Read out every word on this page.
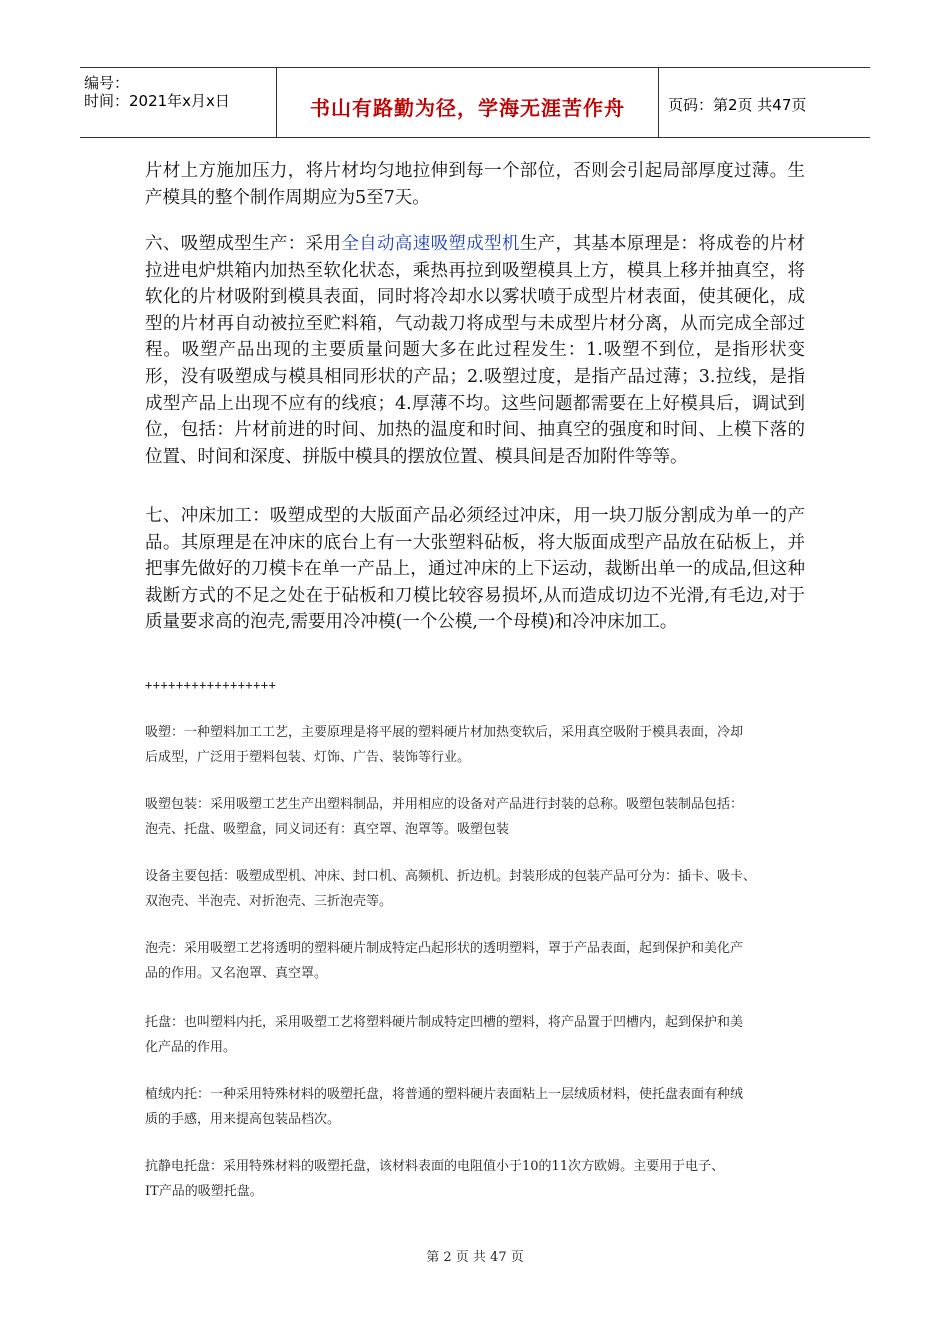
编号：
时间：2021年x月x日	书山有路勤为径，学海无涯苦作舟	页码：第2页 共47页
片材上方施加压力，将片材均匀地拉伸到每一个部位，否则会引起局部厚度过薄。生产模具的整个制作周期应为5至7天。
六、吸塑成型生产：采用全自动高速吸塑成型机生产，其基本原理是：将成卷的片材拉进电炉烘箱内加热至软化状态，乘热再拉到吸塑模具上方，模具上移并抽真空，将软化的片材吸附到模具表面，同时将冷却水以雾状喷于成型片材表面，使其硬化，成型的片材再自动被拉至贮料箱，气动裁刀将成型与未成型片材分离，从而完成全部过程。吸塑产品出现的主要质量问题大多在此过程发生：1.吸塑不到位，是指形状变形，没有吸塑成与模具相同形状的产品；2.吸塑过度，是指产品过薄；3.拉线，是指成型产品上出现不应有的线痕；4.厚薄不均。这些问题都需要在上好模具后，调试到位，包括：片材前进的时间、加热的温度和时间、抽真空的强度和时间、上模下落的位置、时间和深度、拼版中模具的摆放位置、模具间是否加附件等等。
七、冲床加工：吸塑成型的大版面产品必须经过冲床，用一块刀版分割成为单一的产品。其原理是在冲床的底台上有一大张塑料砧板，将大版面成型产品放在砧板上，并把事先做好的刀模卡在单一产品上，通过冲床的上下运动，裁断出单一的成品,但这种裁断方式的不足之处在于砧板和刀模比较容易损坏,从而造成切边不光滑,有毛边,对于质量要求高的泡壳,需要用冷冲模(一个公模,一个母模)和冷冲床加工。
+++++++++++++++++
吸塑：一种塑料加工工艺，主要原理是将平展的塑料硬片材加热变软后，采用真空吸附于模具表面，冷却
后成型，广泛用于塑料包装、灯饰、广告、装饰等行业。
吸塑包装：采用吸塑工艺生产出塑料制品，并用相应的设备对产品进行封装的总称。吸塑包装制品包括：
泡壳、托盘、吸塑盒，同义词还有：真空罩、泡罩等。吸塑包装
设备主要包括：吸塑成型机、冲床、封口机、高频机、折边机。封装形成的包装产品可分为：插卡、吸卡、
双泡壳、半泡壳、对折泡壳、三折泡壳等。
泡壳：采用吸塑工艺将透明的塑料硬片制成特定凸起形状的透明塑料，罩于产品表面，起到保护和美化产
品的作用。又名泡罩、真空罩。
托盘：也叫塑料内托，采用吸塑工艺将塑料硬片制成特定凹槽的塑料，将产品置于凹槽内，起到保护和美
化产品的作用。
植绒内托：一种采用特殊材料的吸塑托盘，将普通的塑料硬片表面粘上一层绒质材料，使托盘表面有种绒
质的手感，用来提高包装品档次。
抗静电托盘：采用特殊材料的吸塑托盘，该材料表面的电阻值小于10的11次方欧姆。主要用于电子、
IT产品的吸塑托盘。
第 2 页 共 47 页
